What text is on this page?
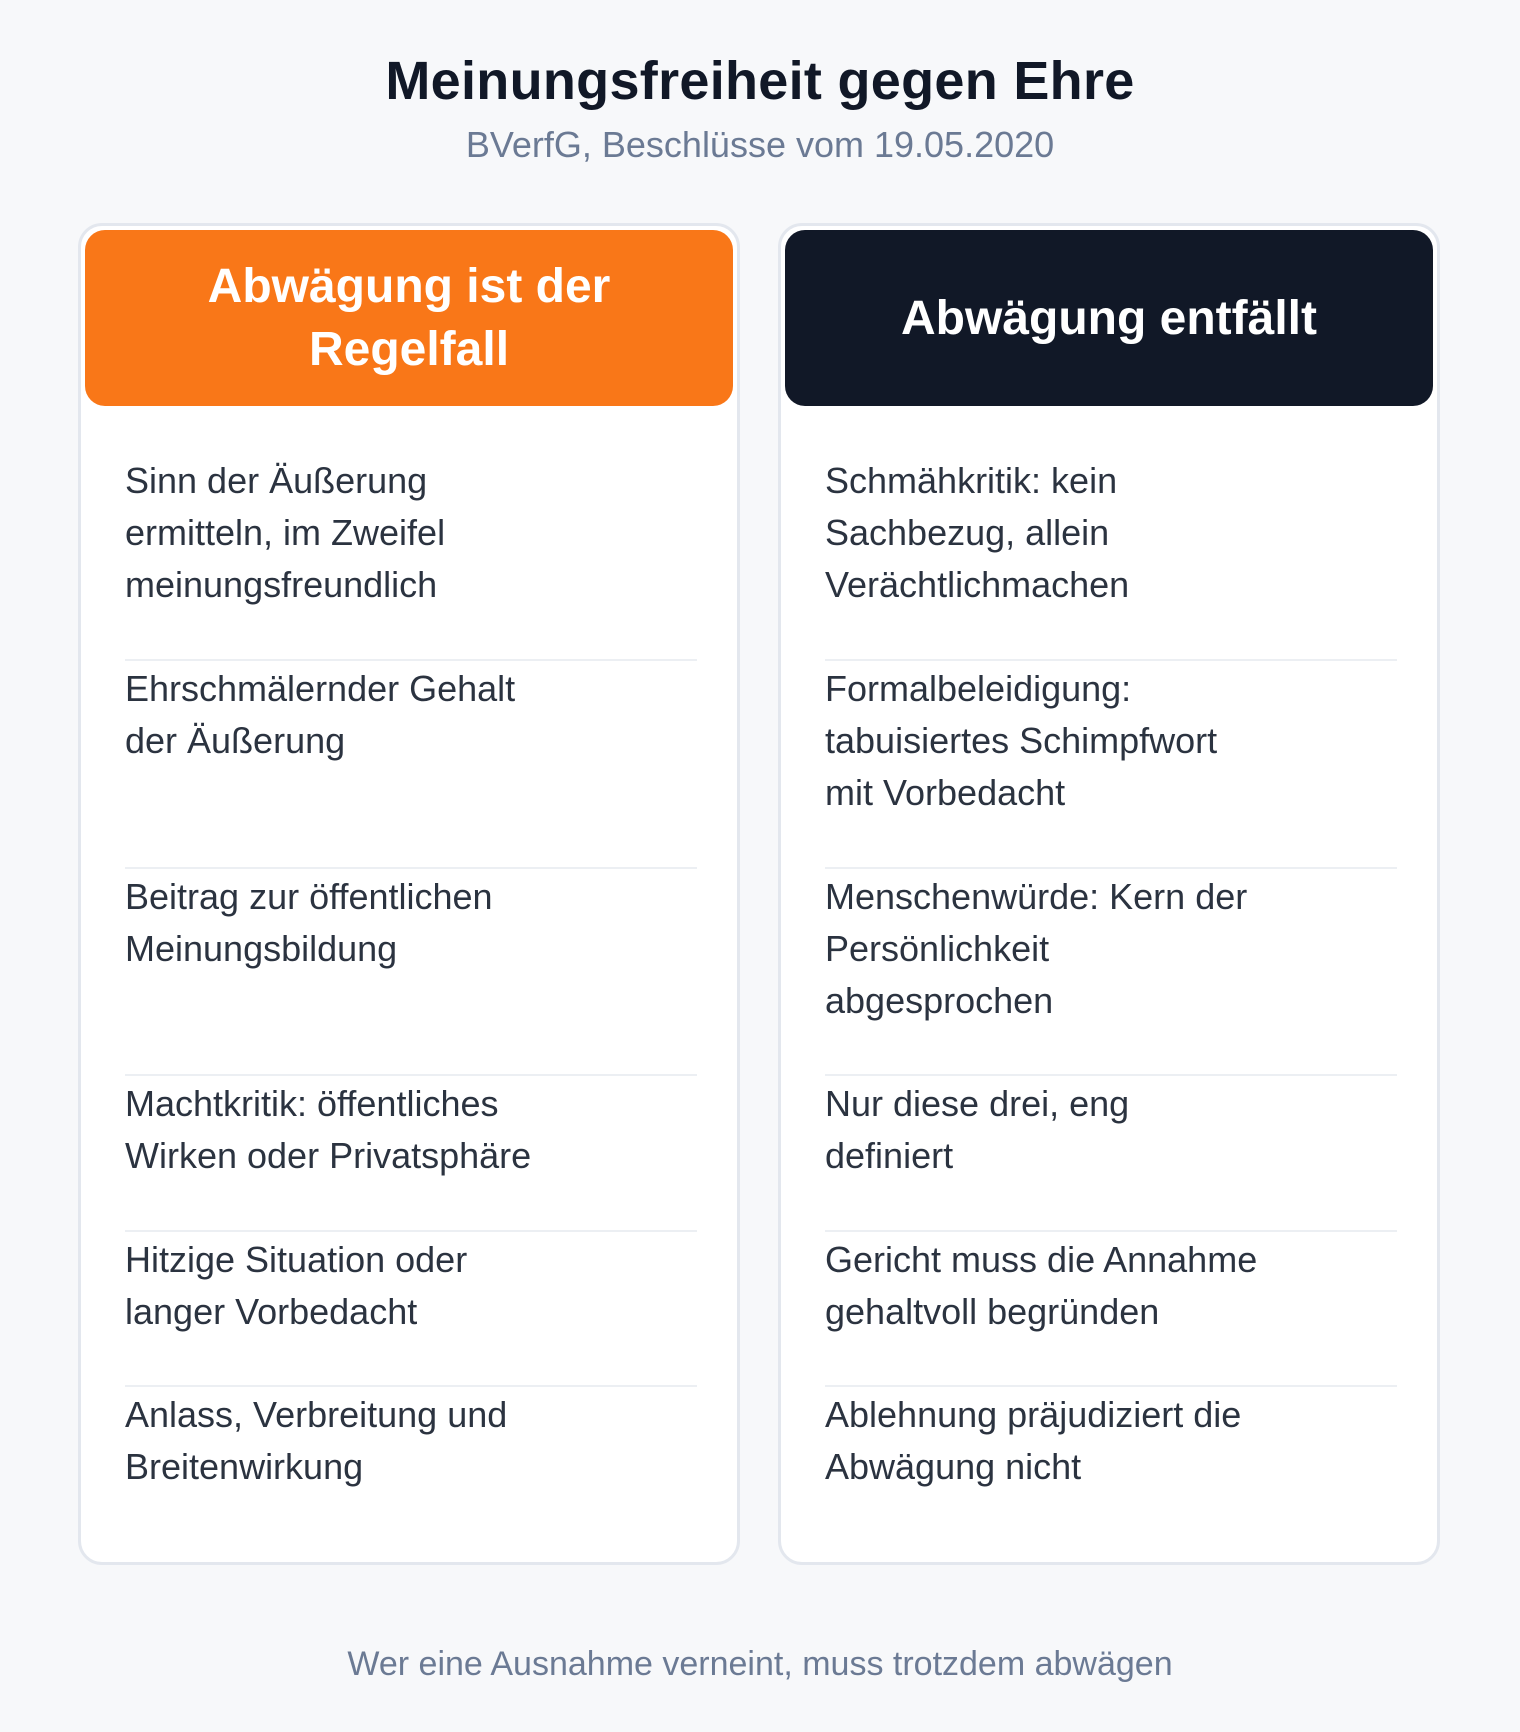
Meinungsfreiheit gegen Ehre
BVerfG, Beschlüsse vom 19.05.2020
Abwägung ist der Regelfall
Sinn der Äußerung ermitteln, im Zweifel meinungsfreundlich
Ehrschmälernder Gehalt der Äußerung
Beitrag zur öffentlichen Meinungsbildung
Machtkritik: öffentliches Wirken oder Privatsphäre
Hitzige Situation oder langer Vorbedacht
Anlass, Verbreitung und Breitenwirkung
Abwägung entfällt
Schmähkritik: kein Sachbezug, allein Verächtlichmachen
Formalbeleidigung: tabuisiertes Schimpfwort mit Vorbedacht
Menschenwürde: Kern der Persönlichkeit abgesprochen
Nur diese drei, eng definiert
Gericht muss die Annahme gehaltvoll begründen
Ablehnung präjudiziert die Abwägung nicht
Wer eine Ausnahme verneint, muss trotzdem abwägen
